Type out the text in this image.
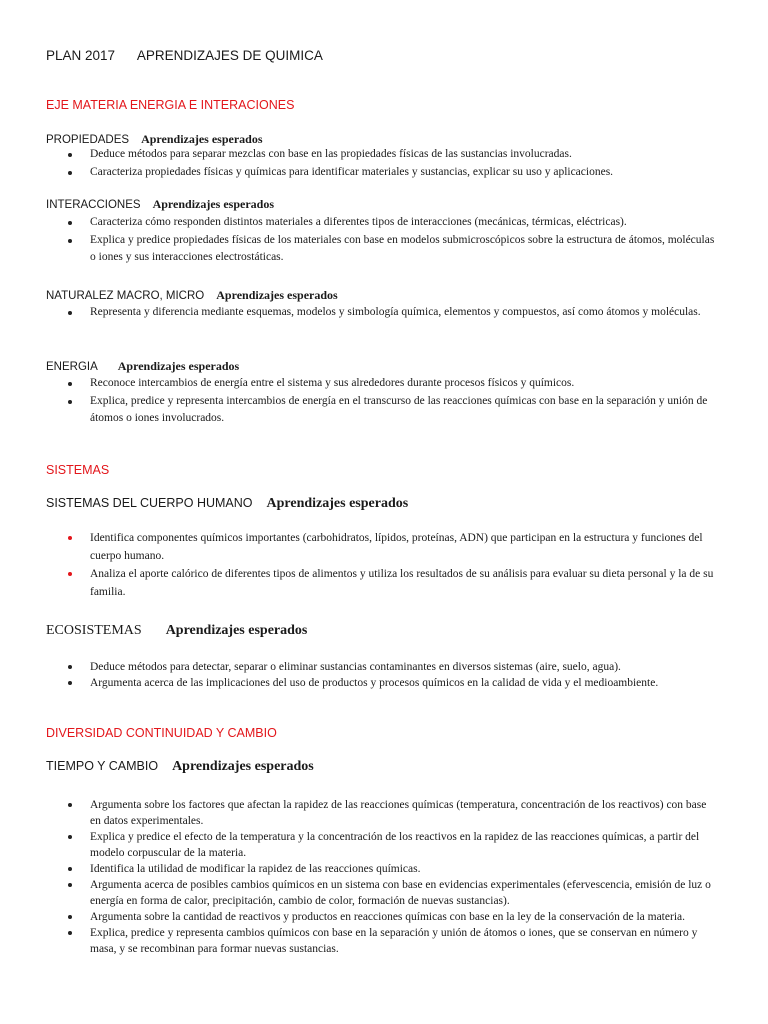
PLAN 2017 APRENDIZAJES DE QUIMICA
EJE MATERIA ENERGIA E INTERACIONES
PROPIEDADES Aprendizajes esperados
Deduce métodos para separar mezclas con base en las propiedades físicas de las sustancias involucradas.
Caracteriza propiedades físicas y químicas para identificar materiales y sustancias, explicar su uso y aplicaciones.
INTERACCIONES Aprendizajes esperados
Caracteriza cómo responden distintos materiales a diferentes tipos de interacciones (mecánicas, térmicas, eléctricas).
Explica y predice propiedades físicas de los materiales con base en modelos submicroscópicos sobre la estructura de átomos, moléculas o iones y sus interacciones electrostáticas.
NATURALEZ MACRO, MICRO Aprendizajes esperados
Representa y diferencia mediante esquemas, modelos y simbología química, elementos y compuestos, así como átomos y moléculas.
ENERGIA Aprendizajes esperados
Reconoce intercambios de energía entre el sistema y sus alrededores durante procesos físicos y químicos.
Explica, predice y representa intercambios de energía en el transcurso de las reacciones químicas con base en la separación y unión de átomos o iones involucrados.
SISTEMAS
SISTEMAS DEL CUERPO HUMANO Aprendizajes esperados
Identifica componentes químicos importantes (carbohidratos, lípidos, proteínas, ADN) que participan en la estructura y funciones del cuerpo humano.
Analiza el aporte calórico de diferentes tipos de alimentos y utiliza los resultados de su análisis para evaluar su dieta personal y la de su familia.
ECOSISTEMAS Aprendizajes esperados
Deduce métodos para detectar, separar o eliminar sustancias contaminantes en diversos sistemas (aire, suelo, agua).
Argumenta acerca de las implicaciones del uso de productos y procesos químicos en la calidad de vida y el medioambiente.
DIVERSIDAD CONTINUIDAD Y CAMBIO
TIEMPO Y CAMBIO Aprendizajes esperados
Argumenta sobre los factores que afectan la rapidez de las reacciones químicas (temperatura, concentración de los reactivos) con base en datos experimentales.
Explica y predice el efecto de la temperatura y la concentración de los reactivos en la rapidez de las reacciones químicas, a partir del modelo corpuscular de la materia.
Identifica la utilidad de modificar la rapidez de las reacciones químicas.
Argumenta acerca de posibles cambios químicos en un sistema con base en evidencias experimentales (efervescencia, emisión de luz o energía en forma de calor, precipitación, cambio de color, formación de nuevas sustancias).
Argumenta sobre la cantidad de reactivos y productos en reacciones químicas con base en la ley de la conservación de la materia.
Explica, predice y representa cambios químicos con base en la separación y unión de átomos o iones, que se conservan en número y masa, y se recombinan para formar nuevas sustancias.
